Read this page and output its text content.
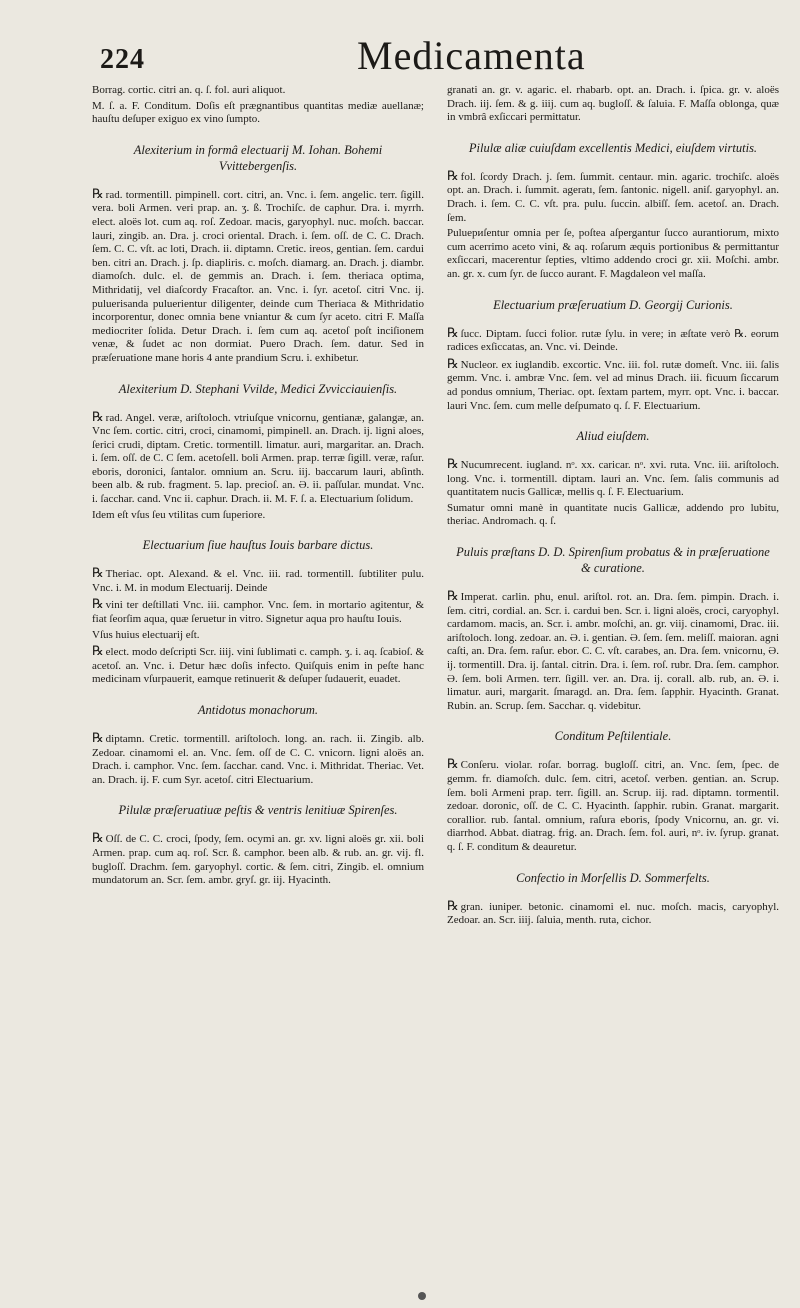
224	Medicamenta

Borrag. cortic. citri an. q. ſ. fol. auri aliquot.

M. ſ. a. F. Conditum. Doſis eſt prægnantibus quantitas mediæ auellanæ; hauſtu deſuper exiguo ex vino ſumpto.

Alexiterium in formâ electuarij M. Iohan. Bohemi Vvittebergenſis.

℞ rad. tormentill. pimpinell. cort. citri, an. Vnc. i. ſem. angelic. terr. ſigill. vera. boli Armen. veri prap. an. ʒ. ß. Trochiſc. de caphur. Dra. i. myrrh. elect. aloës lot. cum aq. roſ. Zedoar. macis, garyophyl. nuc. moſch. baccar. lauri, zingib. an. Dra. j. croci oriental. Drach. i. ſem. oſſ. de C. C. Drach. ſem. C. C. vſt. ac loti, Drach. ii. diptamn. Cretic. ireos, gentian. ſem. cardui ben. citri an. Drach. j. ſp. diapliris. c. moſch. diamarg. an. Drach. j. diambr. diamoſch. dulc. el. de gemmis an. Drach. i. ſem. theriaca optima, Mithridatij, vel diaſcordy Fracaſtor. an. Vnc. i. ſyr. acetoſ. citri Vnc. ij. puluerisanda puluerientur diligenter, deinde cum Theriaca & Mithridatio incorporentur, donec omnia bene vniantur & cum ſyr aceto. citri F. Maſſa mediocriter ſolida. Detur Drach. i. ſem cum aq. acetoſ poſt inciſionem venæ, & ſudet ac non dormiat. Puero Drach. ſem. datur. Sed in præſeruatione mane horis 4 ante prandium Scru. i. exhibetur.

Alexiterium D. Stephani Vvilde, Medici Zvvicciauienſis.

℞ rad. Angel. veræ, ariſtoloch. vtriuſque vnicornu, gentianæ, galangæ, an. Vnc ſem. cortic. citri, croci, cinamomi, pimpinell. an. Drach. ij. ligni aloes, ſerici crudi, diptam. Cretic. tormentill. limatur. auri, margaritar. an. Drach. i. ſem. oſſ. de C. C ſem. acetoſell. boli Armen. prap. terræ ſigill. veræ, raſur. eboris, doronici, ſantalor. omnium an. Scru. iij. baccarum lauri, abſinth. been alb. & rub. fragment. 5. lap. precioſ. an. Ə. ii. paſſular. mundat. Vnc. i. ſacchar. cand. Vnc ii. caphur. Drach. ii. M. F. ſ. a. Electuarium ſolidum.

Idem eſt vſus ſeu vtilitas cum ſuperiore.

Electuarium ſiue hauſtus Iouis barbare dictus.

℞ Theriac. opt. Alexand. & el. Vnc. iii. rad. tormentill. ſubtiliter pulu. Vnc. i. M. in modum Electuarij. Deinde

℞ vini ter deſtillati Vnc. iii. camphor. Vnc. ſem. in mortario agitentur, & fiat ſeorſim aqua, quæ ſeruetur in vitro. Signetur aqua pro hauſtu Iouis.

Vſus huius electuarij eſt.

℞ elect. modo deſcripti Scr. iiij. vini ſublimati c. camph. ʒ. i. aq. ſcabioſ. & acetoſ. an. Vnc. i. Detur hæc doſis infecto. Quiſquis enim in peſte hanc medicinam vſurpauerit, eamque retinuerit & deſuper ſudauerit, euadet.

Antidotus monachorum.

℞ diptamn. Cretic. tormentill. ariſtoloch. long. an. rach. ii. Zingib. alb. Zedoar. cinamomi el. an. Vnc. ſem. oſſ de C. C. vnicorn. ligni aloës an. Drach. i. camphor. Vnc. ſem. ſacchar. cand. Vnc. i. Mithridat. Theriac. Vet. an. Drach. ij. F. cum Syr. acetoſ. citri Electuarium.

Pilulæ præſeruatiuæ peſtis & ventris lenitiuæ Spirenſes.

℞ Oſſ. de C. C. croci, ſpody, ſem. ocymi an. gr. xv. ligni aloës gr. xii. boli Armen. prap. cum aq. roſ. Scr. ß. camphor. been alb. & rub. an. gr. vij. fl. bugloſſ. Drachm. ſem. garyophyl. cortic. & ſem. citri, Zingib. el. omnium mundatorum an. Scr. ſem. ambr. gryſ. gr. iij. Hyacinth.

granati an. gr. v. agaric. el. rhabarb. opt. an. Drach. i. ſpica. gr. v. aloës Drach. iij. ſem. & g. iiij. cum aq. bugloſſ. & ſaluia. F. Maſſa oblonga, quæ in vmbrâ exſiccari permittatur.

Pilulæ aliæ cuiuſdam excellentis Medici, eiuſdem virtutis.

℞ fol. ſcordy Drach. j. ſem. ſummit. centaur. min. agaric. trochiſc. aloës opt. an. Drach. i. ſummit. ageratı, ſem. ſantonic. nigell. aniſ. garyophyl. an. Drach. i. ſem. C. C. vſt. pra. pulu. ſuccin. albiſſ. ſem. acetoſ. an. Drach. ſem.

Puluериſentur omnia per ſe, poſtea aſpergantur ſucco aurantiorum, mixto cum acerrimo aceto vini, & aq. roſarum æquis portionibus & permittantur exſiccari, macerentur ſepties, vltimo addendo croci gr. xii. Moſchi. ambr. an. gr. x. cum ſyr. de ſucco aurant. F. Magdaleon vel maſſa.

Electuarium præſeruatium D. Georgij Curionis.

℞ ſucc. Diptam. ſucci folior. rutæ ſylu. in vere; in æſtate verò ℞. eorum radices exſiccatas, an. Vnc. vi. Deinde.

℞ Nucleor. ex iuglandib. excortic. Vnc. iii. fol. rutæ domeſt. Vnc. iii. ſalis gemm. Vnc. i. ambræ Vnc. ſem. vel ad minus Drach. iii. ficuum ſiccarum ad pondus omnium, Theriac. opt. ſextam partem, myrr. opt. Vnc. i. baccar. lauri Vnc. ſem. cum melle deſpumato q. ſ. F. Electuarium.

Aliud eiuſdem.

℞ Nucumrecent. iugland. nᵒ. xx. caricar. nᵒ. xvi. ruta. Vnc. iii. ariſtoloch. long. Vnc. i. tormentill. diptam. lauri an. Vnc. ſem. ſalis communis ad quantitatem nucis Gallicæ, mellis q. ſ. F. Electuarium.

Sumatur omni manè in quantitate nucis Gallicæ, addendo pro lubitu, theriac. Andromach. q. ſ.

Puluis præſtans D. D. Spirenſium probatus & in præſeruatione & curatione.

℞ Imperat. carlin. phu, enul. ariſtol. rot. an. Dra. ſem. pimpin. Drach. i. ſem. citri, cordial. an. Scr. i. cardui ben. Scr. i. ligni aloës, croci, caryophyl. cardamom. macis, an. Scr. i. ambr. moſchi, an. gr. viij. cinamomi, Drac. iii. ariſtoloch. long. zedoar. an. Ə. i. gentian. Ə. ſem. ſem. meliſſ. maioran. agni caſti, an. Dra. ſem. raſur. ebor. C. C. vſt. carabes, an. Dra. ſem. vnicornu, Ə. ij. tormentill. Dra. ij. ſantal. citrin. Dra. i. ſem. roſ. rubr. Dra. ſem. camphor. Ə. ſem. boli Armen. terr. ſigill. ver. an. Dra. ij. corall. alb. rub, an. Ə. i. limatur. auri, margarit. ſmaragd. an. Dra. ſem. ſapphir. Hyacinth. Granat. Rubin. an. Scrup. ſem. Sacchar. q. videbitur.

Conditum Peſtilentiale.

℞ Conſeru. violar. roſar. borrag. bugloſſ. citri, an. Vnc. ſem, ſpec. de gemm. fr. diamoſch. dulc. ſem. citri, acetoſ. verben. gentian. an. Scrup. ſem. boli Armeni prap. terr. ſigill. an. Scrup. iij. rad. diptamn. tormentil. zedoar. doronic, oſſ. de C. C. Hyacinth. ſapphir. rubin. Granat. margarit. corallior. rub. ſantal. omnium, raſura eboris, ſpody Vnicornu, an. gr. vi. diarrhod. Abbat. diatrag. frig. an. Drach. ſem. fol. auri, nᵒ. iv. ſyrup. granat. q. ſ. F. conditum & deauretur.

Confectio in Morſellis D. Sommerfelts.

℞ gran. iuniper. betonic. cinamomi el. nuc. moſch. macis, caryophyl. Zedoar. an. Scr. iiij. ſaluia, menth. ruta, cichor.
